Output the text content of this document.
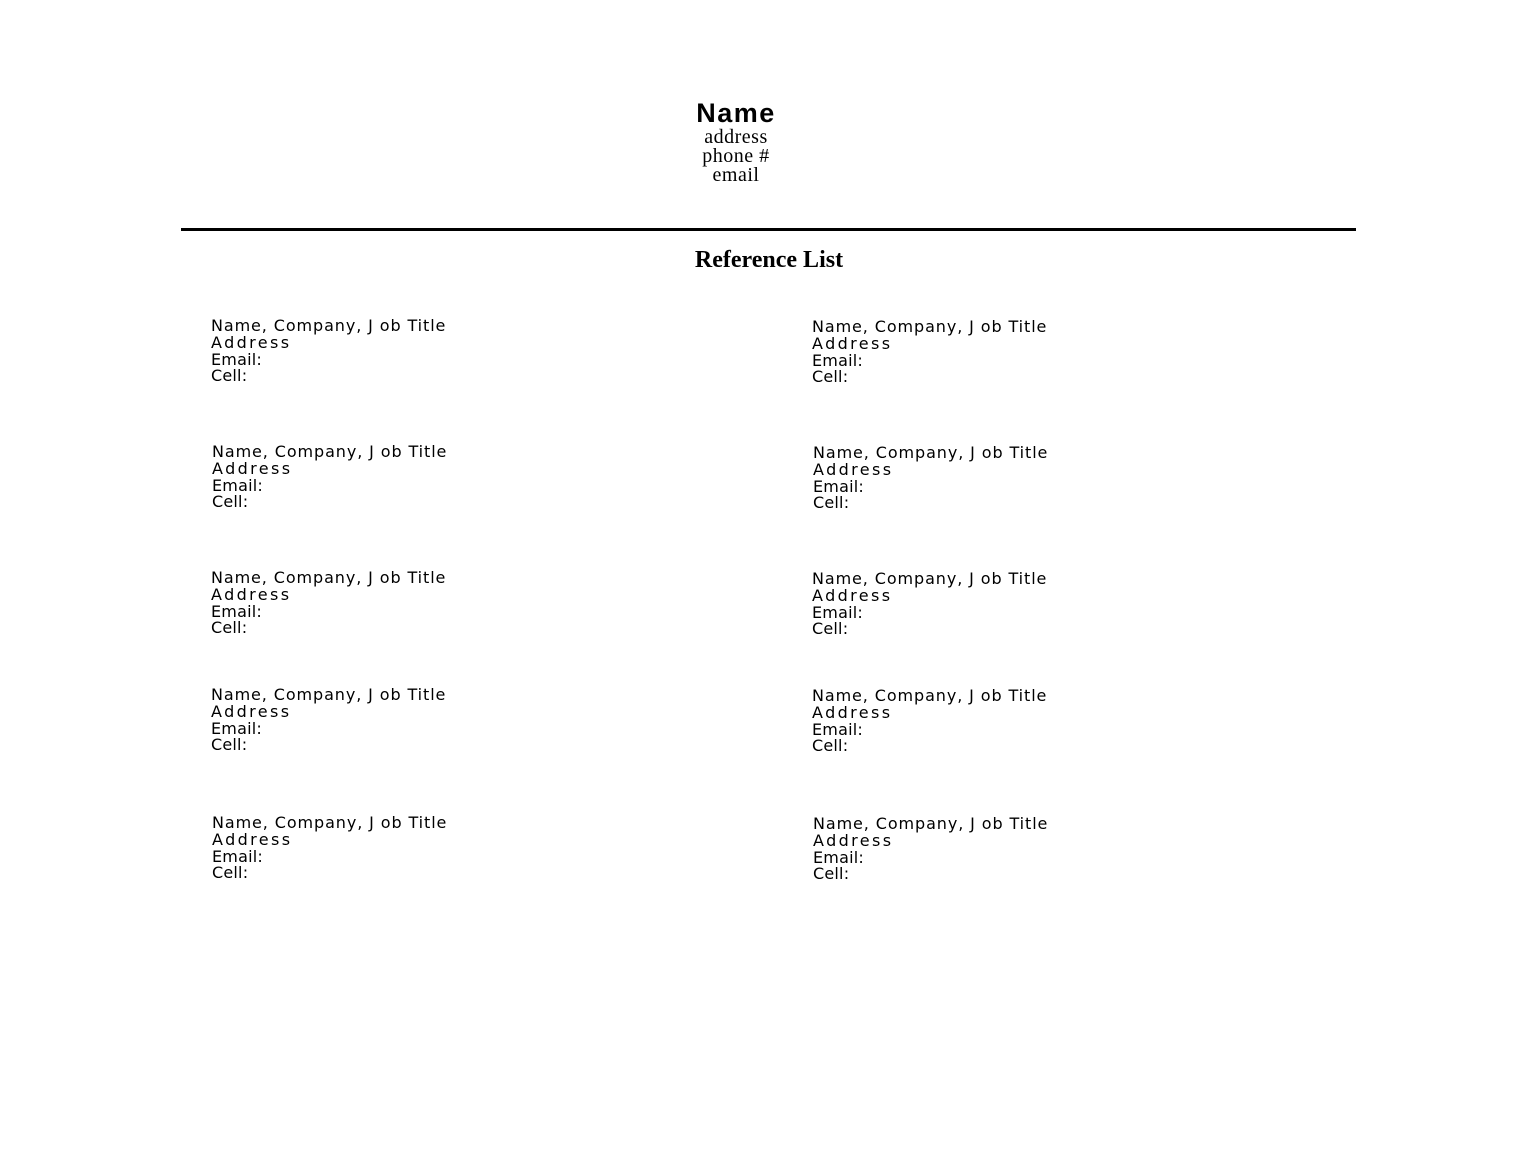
Name
address
phone #
email
Reference List
Name, Company, J ob Title
Address
Email:
Cell:
Name, Company, J ob Title
Address
Email:
Cell:
Name, Company, J ob Title
Address
Email:
Cell:
Name, Company, J ob Title
Address
Email:
Cell:
Name, Company, J ob Title
Address
Email:
Cell:
Name, Company, J ob Title
Address
Email:
Cell:
Name, Company, J ob Title
Address
Email:
Cell:
Name, Company, J ob Title
Address
Email:
Cell:
Name, Company, J ob Title
Address
Email:
Cell:
Name, Company, J ob Title
Address
Email:
Cell:
